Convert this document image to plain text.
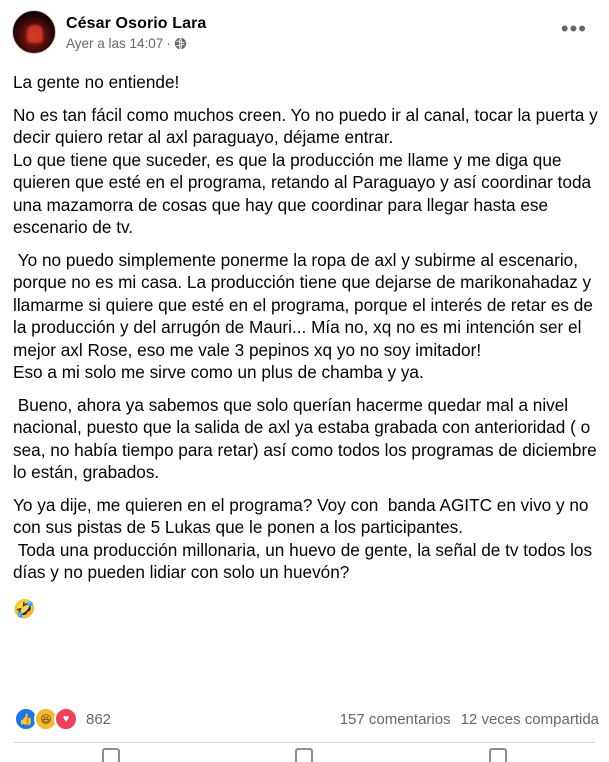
César Osorio Lara
Ayer a las 14:07 ·
•••

La gente no entiende!

No es tan fácil como muchos creen. Yo no puedo ir al canal, tocar la puerta y decir quiero retar al axl paraguayo, déjame entrar.
Lo que tiene que suceder, es que la producción me llame y me diga que quieren que esté en el programa, retando al Paraguayo y así coordinar toda una mazamorra de cosas que hay que coordinar para llegar hasta ese escenario de tv.

Yo no puedo simplemente ponerme la ropa de axl y subirme al escenario, porque no es mi casa. La producción tiene que dejarse de marikonahadaz y llamarme si quiere que esté en el programa, porque el interés de retar es de la producción y del arrugón de Mauri... Mía no, xq no es mi intención ser el mejor axl Rose, eso me vale 3 pepinos xq yo no soy imitador!
Eso a mi solo me sirve como un plus de chamba y ya.

Bueno, ahora ya sabemos que solo querían hacerme quedar mal a nivel nacional, puesto que la salida de axl ya estaba grabada con anterioridad ( o sea, no había tiempo para retar) así como todos los programas de diciembre lo están, grabados.

Yo ya dije, me quieren en el programa? Voy con  banda AGITC en vivo y no con sus pistas de 5 Lukas que le ponen a los participantes.
Toda una producción millonaria, un huevo de gente, la señal de tv todos los días y no pueden lidiar con solo un huevón?

🤣
👍 😆	♥	862	157 comentarios 12 veces compartida
